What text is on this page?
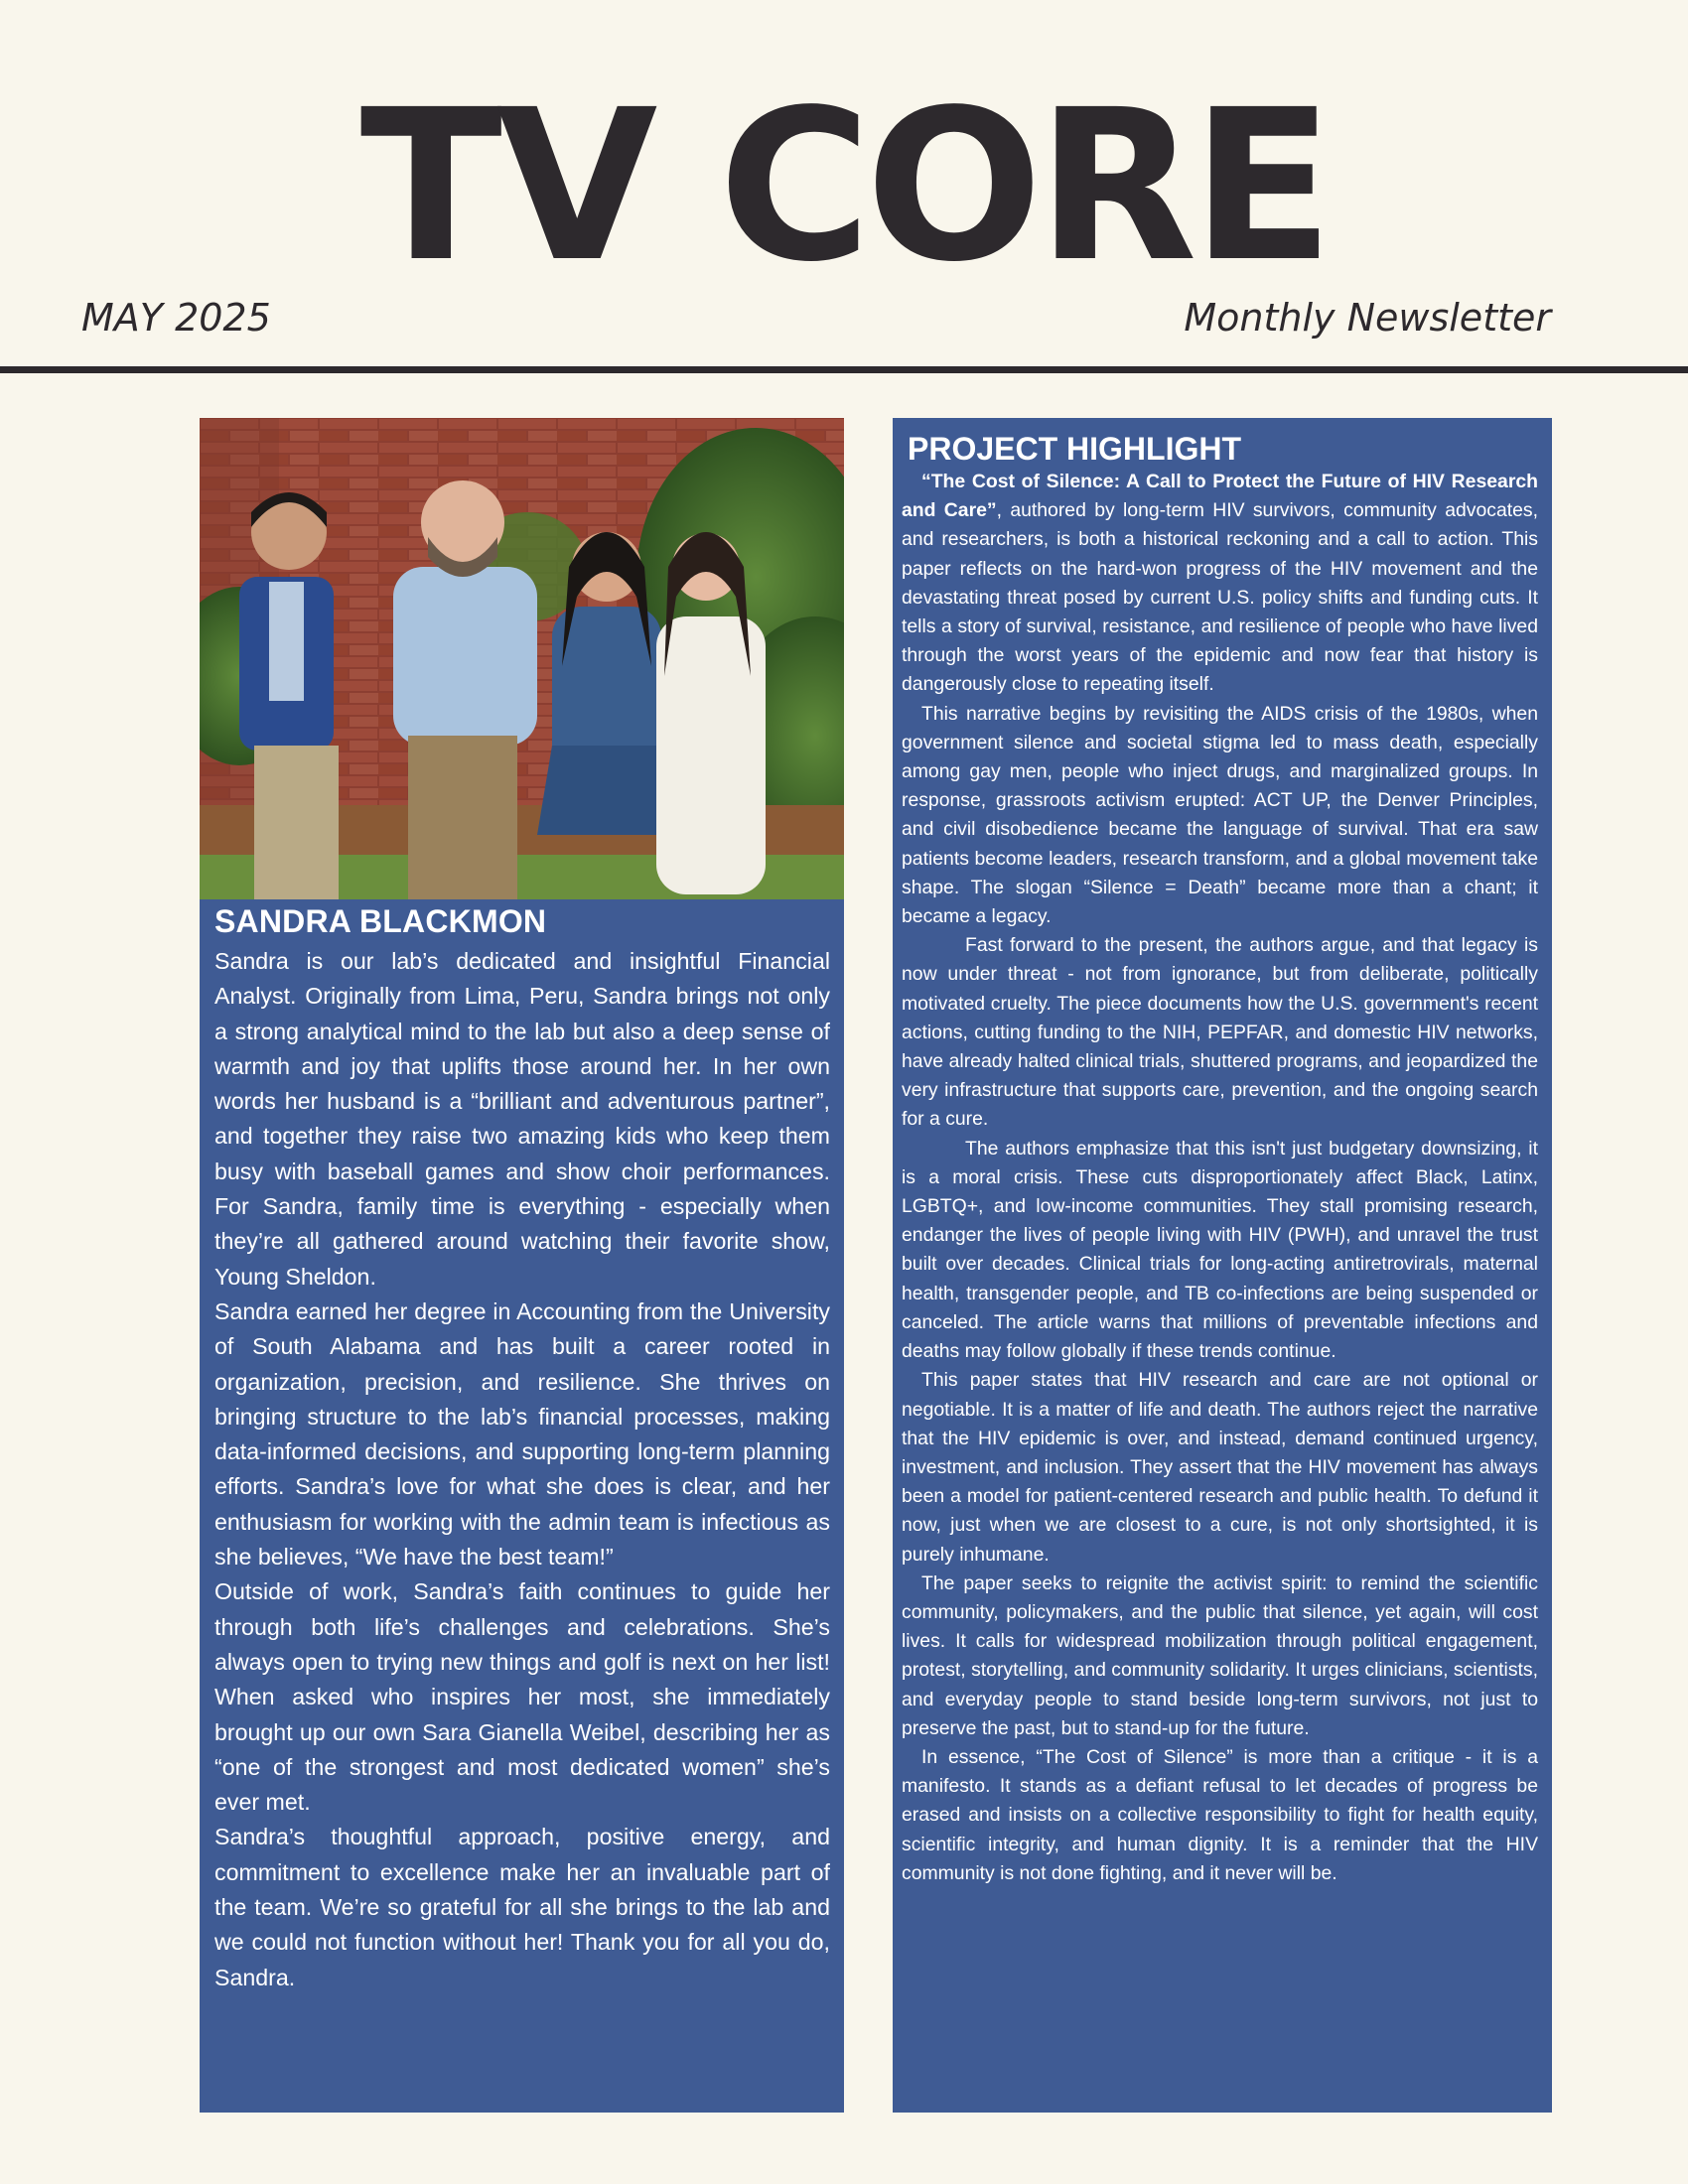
TV CORE
MAY 2025	Monthly Newsletter
SANDRA BLACKMON

Sandra is our lab’s dedicated and insightful Financial Analyst. Originally from Lima, Peru, Sandra brings not only a strong analytical mind to the lab but also a deep sense of warmth and joy that uplifts those around her. In her own words her husband is a “brilliant and adventurous partner”, and together they raise two amazing kids who keep them busy with baseball games and show choir performances. For Sandra, family time is everything - especially when they’re all gathered around watching their favorite show, Young Sheldon.

Sandra earned her degree in Accounting from the University of South Alabama and has built a career rooted in organization, precision, and resilience. She thrives on bringing structure to the lab’s financial processes, making data-informed decisions, and supporting long-term planning efforts. Sandra’s love for what she does is clear, and her enthusiasm for working with the admin team is infectious as she believes, “We have the best team!”

Outside of work, Sandra’s faith continues to guide her through both life’s challenges and celebrations. She’s always open to trying new things and golf is next on her list! When asked who inspires her most, she immediately brought up our own Sara Gianella Weibel, describing her as “one of the strongest and most dedicated women” she’s ever met.

Sandra’s thoughtful approach, positive energy, and commitment to excellence make her an invaluable part of the team. We’re so grateful for all she brings to the lab and we could not function without her! Thank you for all you do, Sandra.

PROJECT HIGHLIGHT

“The Cost of Silence: A Call to Protect the Future of HIV Research and Care”, authored by long-term HIV survivors, community advocates, and researchers, is both a historical reckoning and a call to action. This paper reflects on the hard-won progress of the HIV movement and the devastating threat posed by current U.S. policy shifts and funding cuts. It tells a story of survival, resistance, and resilience of people who have lived through the worst years of the epidemic and now fear that history is dangerously close to repeating itself.

This narrative begins by revisiting the AIDS crisis of the 1980s, when government silence and societal stigma led to mass death, especially among gay men, people who inject drugs, and marginalized groups. In response, grassroots activism erupted: ACT UP, the Denver Principles, and civil disobedience became the language of survival. That era saw patients become leaders, research transform, and a global movement take shape. The slogan “Silence = Death” became more than a chant; it became a legacy.

Fast forward to the present, the authors argue, and that legacy is now under threat - not from ignorance, but from deliberate, politically motivated cruelty. The piece documents how the U.S. government's recent actions, cutting funding to the NIH, PEPFAR, and domestic HIV networks, have already halted clinical trials, shuttered programs, and jeopardized the very infrastructure that supports care, prevention, and the ongoing search for a cure.

The authors emphasize that this isn't just budgetary downsizing, it is a moral crisis. These cuts disproportionately affect Black, Latinx, LGBTQ+, and low-income communities. They stall promising research, endanger the lives of people living with HIV (PWH), and unravel the trust built over decades. Clinical trials for long-acting antiretrovirals, maternal health, transgender people, and TB co-infections are being suspended or canceled. The article warns that millions of preventable infections and deaths may follow globally if these trends continue.

This paper states that HIV research and care are not optional or negotiable. It is a matter of life and death. The authors reject the narrative that the HIV epidemic is over, and instead, demand continued urgency, investment, and inclusion. They assert that the HIV movement has always been a model for patient-centered research and public health. To defund it now, just when we are closest to a cure, is not only shortsighted, it is purely inhumane.

The paper seeks to reignite the activist spirit: to remind the scientific community, policymakers, and the public that silence, yet again, will cost lives. It calls for widespread mobilization through political engagement, protest, storytelling, and community solidarity. It urges clinicians, scientists, and everyday people to stand beside long-term survivors, not just to preserve the past, but to stand-up for the future.

In essence, “The Cost of Silence” is more than a critique - it is a manifesto. It stands as a defiant refusal to let decades of progress be erased and insists on a collective responsibility to fight for health equity, scientific integrity, and human dignity. It is a reminder that the HIV community is not done fighting, and it never will be.
